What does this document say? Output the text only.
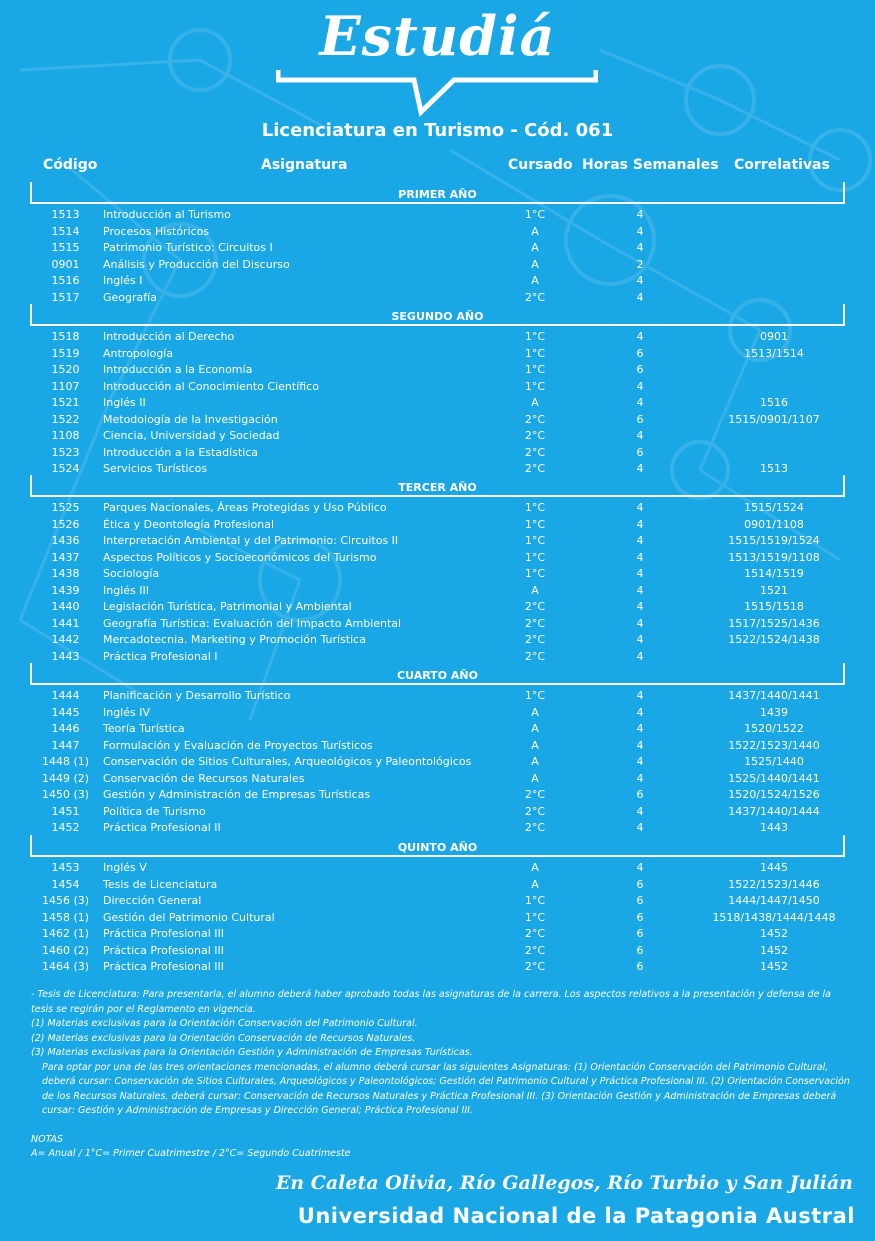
Estudiá
Licenciatura en Turismo - Cód. 061
Código	Asignatura	Cursado Horas Semanales Correlativas
PRIMER AÑO
1513	Introducción al Turismo	1°C	4
1514	Procesos Históricos	A	4
1515	Patrimonio Turístico: Circuitos I	A	4
0901	Análisis y Producción del Discurso	A	2
1516	Inglés I	A	4
1517	Geografía	2°C	4
SEGUNDO AÑO
1518	Introducción al Derecho	1°C	4	0901
1519	Antropología	1°C	6	1513/1514
1520	Introducción a la Economía	1°C	6
1107	Introducción al Conocimiento Científico	1°C	4
1521	Inglés II	A	4	1516
1522	Metodología de la Investigación	2°C	6	1515/0901/1107
1108	Ciencia, Universidad y Sociedad	2°C	4
1523	Introducción a la Estadística	2°C	6
1524	Servicios Turísticos	2°C	4	1513
TERCER AÑO
1525	Parques Nacionales, Áreas Protegidas y Uso Público	1°C	4	1515/1524
1526	Ética y Deontología Profesional	1°C	4	0901/1108
1436	Interpretación Ambiental y del Patrimonio: Circuitos II	1°C	4	1515/1519/1524
1437	Aspectos Políticos y Socioeconómicos del Turismo	1°C	4	1513/1519/1108
1438	Sociología	1°C	4	1514/1519
1439	Inglés III	A	4	1521
1440	Legislación Turística, Patrimonial y Ambiental	2°C	4	1515/1518
1441	Geografía Turística: Evaluación del Impacto Ambiental	2°C	4	1517/1525/1436
1442	Mercadotecnia. Marketing y Promoción Turística	2°C	4	1522/1524/1438
1443	Práctica Profesional I	2°C	4
CUARTO AÑO
1444	Planificación y Desarrollo Turístico	1°C	4	1437/1440/1441
1445	Inglés IV	A	4	1439
1446	Teoría Turística	A	4	1520/1522
1447	Formulación y Evaluación de Proyectos Turísticos	A	4	1522/1523/1440
1448 (1)	Conservación de Sitios Culturales, Arqueológicos y Paleontológicos	A	4	1525/1440
1449 (2)	Conservación de Recursos Naturales	A	4	1525/1440/1441
1450 (3)	Gestión y Administración de Empresas Turísticas	2°C	6	1520/1524/1526
1451	Política de Turismo	2°C	4	1437/1440/1444
1452	Práctica Profesional II	2°C	4	1443
QUINTO AÑO
1453	Inglés V	A	4	1445
1454	Tesis de Licenciatura	A	6	1522/1523/1446
1456 (3)	Dirección General	1°C	6	1444/1447/1450
1458 (1)	Gestión del Patrimonio Cultural	1°C	6	1518/1438/1444/1448
1462 (1)	Práctica Profesional III	2°C	6	1452
1460 (2)	Práctica Profesional III	2°C	6	1452
1464 (3)	Práctica Profesional III	2°C	6	1452

- Tesis de Licenciatura: Para presentarla, el alumno deberá haber aprobado todas las asignaturas de la carrera. Los aspectos relativos a la presentación y defensa de la tesis se regirán por el Reglamento en vigencia.

(1) Materias exclusivas para la Orientación Conservación del Patrimonio Cultural.

(2) Materias exclusivas para la Orientación Conservación de Recursos Naturales.

(3) Materias exclusivas para la Orientación Gestión y Administración de Empresas Turísticas.

Para optar por una de las tres orientaciones mencionadas, el alumno deberá cursar las siguientes Asignaturas: (1) Orientación Conservación del Patrimonio Cultural, deberá cursar: Conservación de Sitios Culturales, Arqueológicos y Paleontológicos; Gestión del Patrimonio Cultural y Práctica Profesional III. (2) Orientación Conservación de los Recursos Naturales, deberá cursar: Conservación de Recursos Naturales y Práctica Profesional III. (3) Orientación Gestión y Administración de Empresas deberá cursar: Gestión y Administración de Empresas y Dirección General; Práctica Profesional III.

NOTAS

A= Anual / 1°C= Primer Cuatrimestre / 2°C= Segundo Cuatrimeste

En Caleta Olivia, Río Gallegos, Río Turbio y San Julián
Universidad Nacional de la Patagonia Austral
